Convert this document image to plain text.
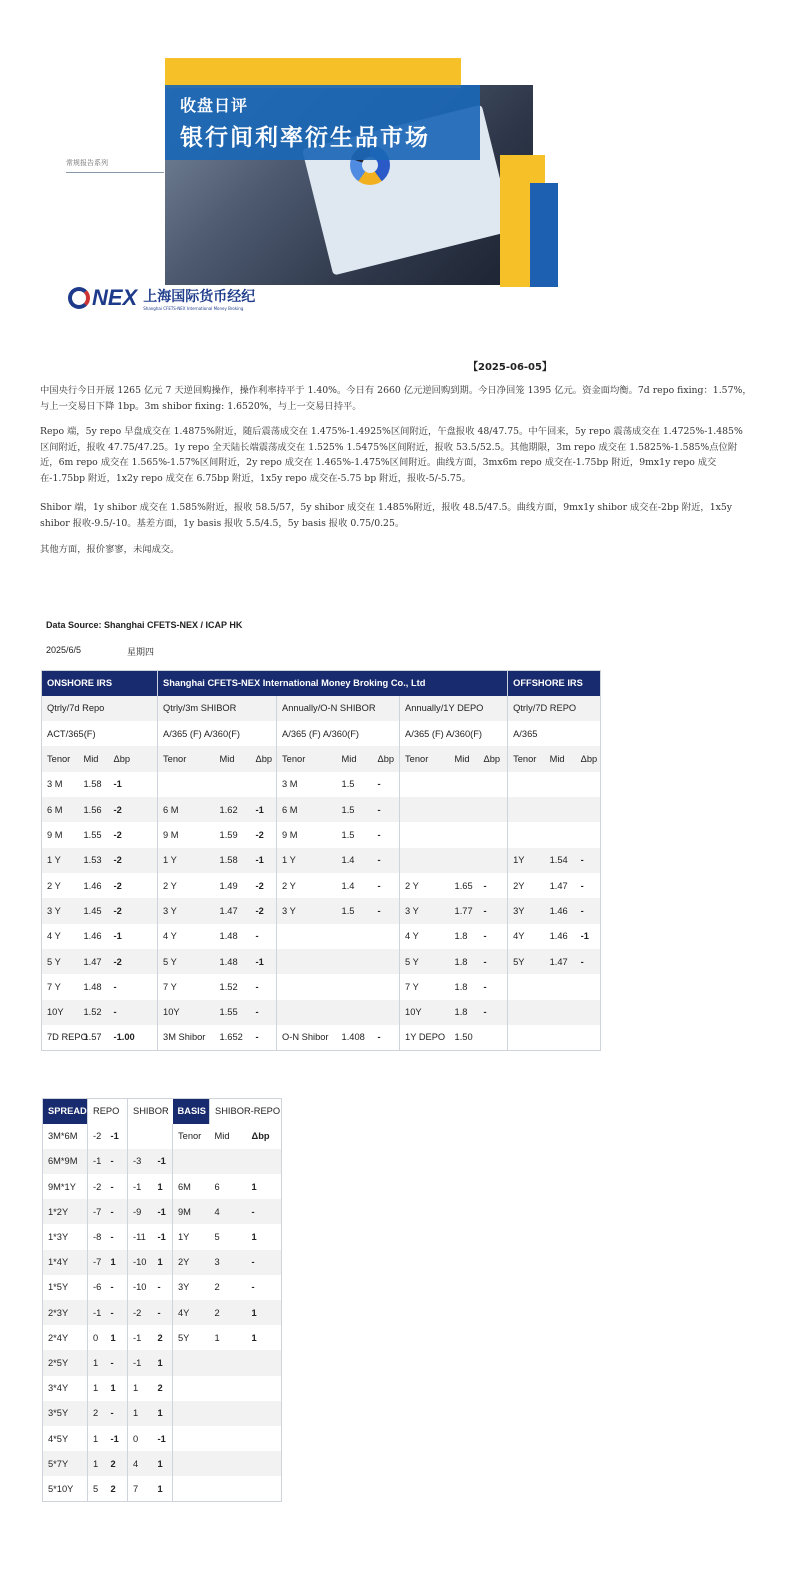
收盘日评
银行间利率衍生品市场
常规报告系列
NEX 上海国际货币经纪
Shanghai CFETS-NEX International Money Broking
【2025-06-05】
中国央行今日开展 1265 亿元 7 天逆回购操作，操作利率持平于 1.40%。今日有 2660 亿元逆回购到期。今日净回笼 1395 亿元。资金面均衡。7d repo fixing：1.57%，与上一交易日下降 1bp。3m shibor fixing: 1.6520%，与上一交易日持平。
Repo 端，5y repo 早盘成交在 1.4875%附近，随后震荡成交在 1.475%-1.4925%区间附近，午盘报收 48/47.75。中午回来，5y repo 震荡成交在 1.4725%-1.485%区间附近，报收 47.75/47.25。1y repo 全天陆长端震荡成交在 1.525% 1.5475%区间附近，报收 53.5/52.5。其他期限，3m repo 成交在 1.5825%-1.585%点位附近，6m repo 成交在 1.565%-1.57%区间附近，2y repo 成交在 1.465%-1.475%区间附近。曲线方面，3mx6m repo 成交在-1.75bp 附近，9mx1y repo 成交在-1.75bp 附近，1x2y repo 成交在 6.75bp 附近，1x5y repo 成交在-5.75 bp 附近，报收-5/-5.75。
Shibor 端，1y shibor 成交在 1.585%附近，报收 58.5/57，5y shibor 成交在 1.485%附近，报收 48.5/47.5。曲线方面，9mx1y shibor 成交在-2bp 附近，1x5y shibor 报收-9.5/-10。基差方面，1y basis 报收 5.5/4.5，5y basis 报收 0.75/0.25。
其他方面，报价寥寥，未闻成交。
Data Source: Shanghai CFETS-NEX / ICAP HK
2025/6/5	星期四
ONSHORE IRS			Shanghai CFETS-NEX International Money Broking Co., Ltd									OFFSHORE IRS		
Qtrly/7d Repo			Qtrly/3m SHIBOR			Annually/O-N SHIBOR			Annually/1Y DEPO			Qtrly/7D REPO		
ACT/365(F)			A/365 (F) A/360(F)			A/365 (F) A/360(F)			A/365 (F) A/360(F)			A/365		
Tenor	Mid	Δbp	Tenor	Mid	Δbp	Tenor	Mid	Δbp	Tenor	Mid	Δbp	Tenor	Mid	Δbp
3 M	1.58	-1				3 M	1.5	-						
6 M	1.56	-2	6 M	1.62	-1	6 M	1.5	-						
9 M	1.55	-2	9 M	1.59	-2	9 M	1.5	-						
1 Y	1.53	-2	1 Y	1.58	-1	1 Y	1.4	-				1Y	1.54	-
2 Y	1.46	-2	2 Y	1.49	-2	2 Y	1.4	-	2 Y	1.65	-	2Y	1.47	-
3 Y	1.45	-2	3 Y	1.47	-2	3 Y	1.5	-	3 Y	1.77	-	3Y	1.46	-
4 Y	1.46	-1	4 Y	1.48	-				4 Y	1.8	-	4Y	1.46	-1
5 Y	1.47	-2	5 Y	1.48	-1				5 Y	1.8	-	5Y	1.47	-
7 Y	1.48	-	7 Y	1.52	-				7 Y	1.8	-			
10Y	1.52	-	10Y	1.55	-				10Y	1.8	-			
7D REPO	1.57	-1.00	3M Shibor	1.652	-	O-N Shibor	1.408	-	1Y DEPO	1.50				
SPREAD	REPO		SHIBOR		BASIS	SHIBOR-REPO	
3M*6M	-2	-1			Tenor	Mid	Δbp
6M*9M	-1	-	-3	-1			
9M*1Y	-2	-	-1	1	6M	6	1
1*2Y	-7	-	-9	-1	9M	4	-
1*3Y	-8	-	-11	-1	1Y	5	1
1*4Y	-7	1	-10	1	2Y	3	-
1*5Y	-6	-	-10	-	3Y	2	-
2*3Y	-1	-	-2	-	4Y	2	1
2*4Y	0	1	-1	2	5Y	1	1
2*5Y	1	-	-1	1			
3*4Y	1	1	1	2			
3*5Y	2	-	1	1			
4*5Y	1	-1	0	-1			
5*7Y	1	2	4	1			
5*10Y	5	2	7	1			
